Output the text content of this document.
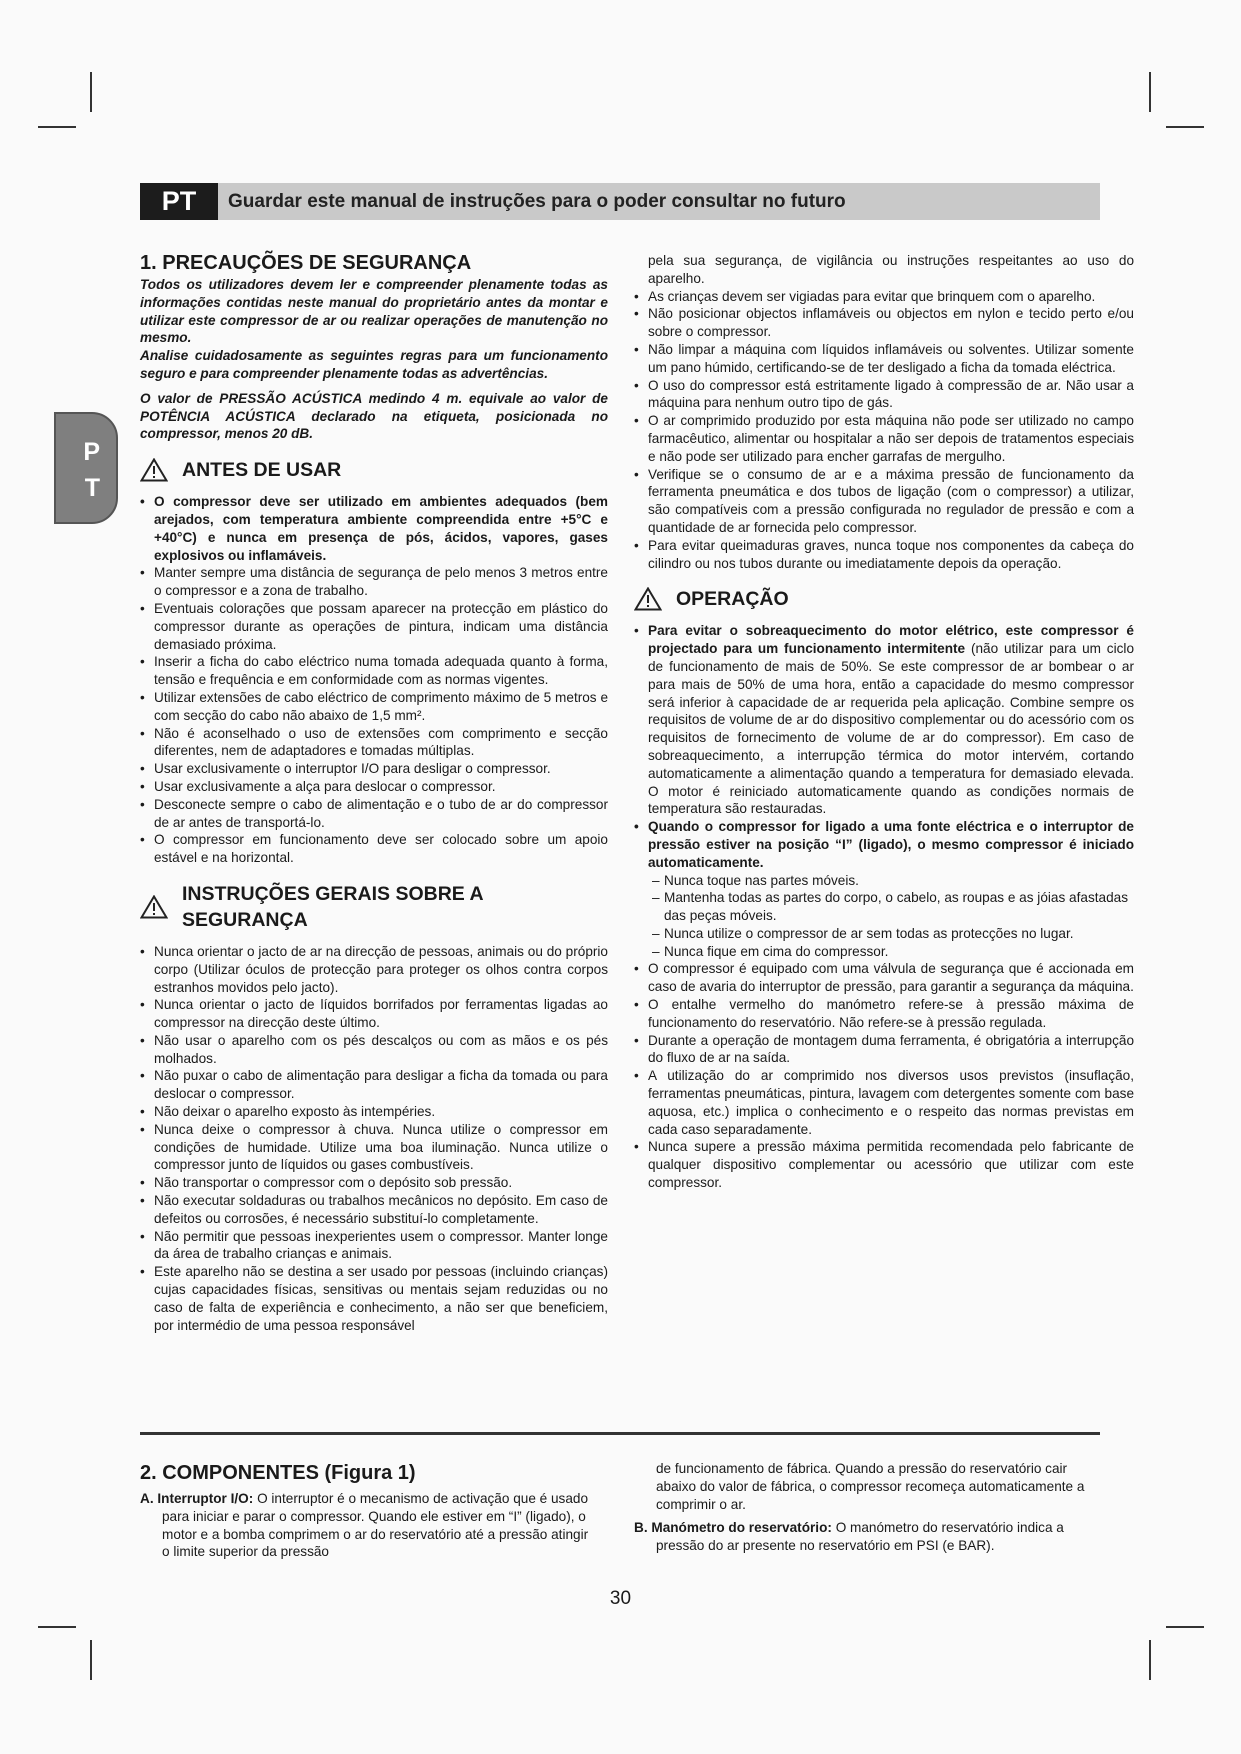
PT	Guardar este manual de instruções para o poder consultar no futuro
P
T
1. PRECAUÇÕES DE SEGURANÇA

Todos os utilizadores devem ler e compreender plenamente todas as informações contidas neste manual do proprietário antes da montar e utilizar este compressor de ar ou realizar operações de manutenção no mesmo.

Analise cuidadosamente as seguintes regras para um funcionamento seguro e para compreender plenamente todas as advertências.

O valor de PRESSÃO ACÚSTICA medindo 4 m. equivale ao valor de POTÊNCIA ACÚSTICA declarado na etiqueta, posicionada no compressor, menos 20 dB.

ANTES DE USAR
• O compressor deve ser utilizado em ambientes adequados (bem arejados, com temperatura ambiente compreendida entre +5°C e +40°C) e nunca em presença de pós, ácidos, vapores, gases explosivos ou inflamáveis.
• Manter sempre uma distância de segurança de pelo menos 3 metros entre o compressor e a zona de trabalho.
• Eventuais colorações que possam aparecer na protecção em plástico do compressor durante as operações de pintura, indicam uma distância demasiado próxima.
• Inserir a ficha do cabo eléctrico numa tomada adequada quanto à forma, tensão e frequência e em conformidade com as normas vigentes.
• Utilizar extensões de cabo eléctrico de comprimento máximo de 5 metros e com secção do cabo não abaixo de 1,5 mm².
• Não é aconselhado o uso de extensões com comprimento e secção diferentes, nem de adaptadores e tomadas múltiplas.
• Usar exclusivamente o interruptor I/O para desligar o compressor.
• Usar exclusivamente a alça para deslocar o compressor.
• Desconecte sempre o cabo de alimentação e o tubo de ar do compressor de ar antes de transportá-lo.
• O compressor em funcionamento deve ser colocado sobre um apoio estável e na horizontal.
INSTRUÇÕES GERAIS SOBRE A SEGURANÇA
• Nunca orientar o jacto de ar na direcção de pessoas, animais ou do próprio corpo (Utilizar óculos de protecção para proteger os olhos contra corpos estranhos movidos pelo jacto).
• Nunca orientar o jacto de líquidos borrifados por ferramentas ligadas ao compressor na direcção deste último.
• Não usar o aparelho com os pés descalços ou com as mãos e os pés molhados.
• Não puxar o cabo de alimentação para desligar a ficha da tomada ou para deslocar o compressor.
• Não deixar o aparelho exposto às intempéries.
• Nunca deixe o compressor à chuva. Nunca utilize o compressor em condições de humidade. Utilize uma boa iluminação. Nunca utilize o compressor junto de líquidos ou gases combustíveis.
• Não transportar o compressor com o depósito sob pressão.
• Não executar soldaduras ou trabalhos mecânicos no depósito. Em caso de defeitos ou corrosões, é necessário substituí-lo completamente.
• Não permitir que pessoas inexperientes usem o compressor. Manter longe da área de trabalho crianças e animais.
• Este aparelho não se destina a ser usado por pessoas (incluindo crianças) cujas capacidades físicas, sensitivas ou mentais sejam reduzidas ou no caso de falta de experiência e conhecimento, a não ser que beneficiem, por intermédio de uma pessoa responsável

pela sua segurança, de vigilância ou instruções respeitantes ao uso do aparelho.

• As crianças devem ser vigiadas para evitar que brinquem com o aparelho.
• Não posicionar objectos inflamáveis ou objectos em nylon e tecido perto e/ou sobre o compressor.
• Não limpar a máquina com líquidos inflamáveis ou solventes. Utilizar somente um pano húmido, certificando-se de ter desligado a ficha da tomada eléctrica.
• O uso do compressor está estritamente ligado à compressão de ar. Não usar a máquina para nenhum outro tipo de gás.
• O ar comprimido produzido por esta máquina não pode ser utilizado no campo farmacêutico, alimentar ou hospitalar a não ser depois de tratamentos especiais e não pode ser utilizado para encher garrafas de mergulho.
• Verifique se o consumo de ar e a máxima pressão de funcionamento da ferramenta pneumática e dos tubos de ligação (com o compressor) a utilizar, são compatíveis com a pressão configurada no regulador de pressão e com a quantidade de ar fornecida pelo compressor.
• Para evitar queimaduras graves, nunca toque nos componentes da cabeça do cilindro ou nos tubos durante ou imediatamente depois da operação.
OPERAÇÃO
• Para evitar o sobreaquecimento do motor elétrico, este compressor é projectado para um funcionamento intermitente (não utilizar para um ciclo de funcionamento de mais de 50%. Se este compressor de ar bombear o ar para mais de 50% de uma hora, então a capacidade do mesmo compressor será inferior à capacidade de ar requerida pela aplicação. Combine sempre os requisitos de volume de ar do dispositivo complementar ou do acessório com os requisitos de fornecimento de volume de ar do compressor). Em caso de sobreaquecimento, a interrupção térmica do motor intervém, cortando automaticamente a alimentação quando a temperatura for demasiado elevada. O motor é reiniciado automaticamente quando as condições normais de temperatura são restauradas.
• Quando o compressor for ligado a uma fonte eléctrica e o interruptor de pressão estiver na posição “I” (ligado), o mesmo compressor é iniciado automaticamente.
– Nunca toque nas partes móveis.
– Mantenha todas as partes do corpo, o cabelo, as roupas e as jóias afastadas das peças móveis.
– Nunca utilize o compressor de ar sem todas as protecções no lugar.
– Nunca fique em cima do compressor.
• O compressor é equipado com uma válvula de segurança que é accionada em caso de avaria do interruptor de pressão, para garantir a segurança da máquina.
• O entalhe vermelho do manómetro refere-se à pressão máxima de funcionamento do reservatório. Não refere-se à pressão regulada.
• Durante a operação de montagem duma ferramenta, é obrigatória a interrupção do fluxo de ar na saída.
• A utilização do ar comprimido nos diversos usos previstos (insuflação, ferramentas pneumáticas, pintura, lavagem com detergentes somente com base aquosa, etc.) implica o conhecimento e o respeito das normas previstas em cada caso separadamente.
• Nunca supere a pressão máxima permitida recomendada pelo fabricante de qualquer dispositivo complementar ou acessório que utilizar com este compressor.
2. COMPONENTES (Figura 1)

A. Interruptor I/O: O interruptor é o mecanismo de activação que é usado para iniciar e parar o compressor. Quando ele estiver em “I” (ligado), o motor e a bomba comprimem o ar do reservatório até a pressão atingir o limite superior da pressão

de funcionamento de fábrica. Quando a pressão do reservatório cair abaixo do valor de fábrica, o compressor recomeça automaticamente a comprimir o ar.

B. Manómetro do reservatório: O manómetro do reservatório indica a pressão do ar presente no reservatório em PSI (e BAR).

30
